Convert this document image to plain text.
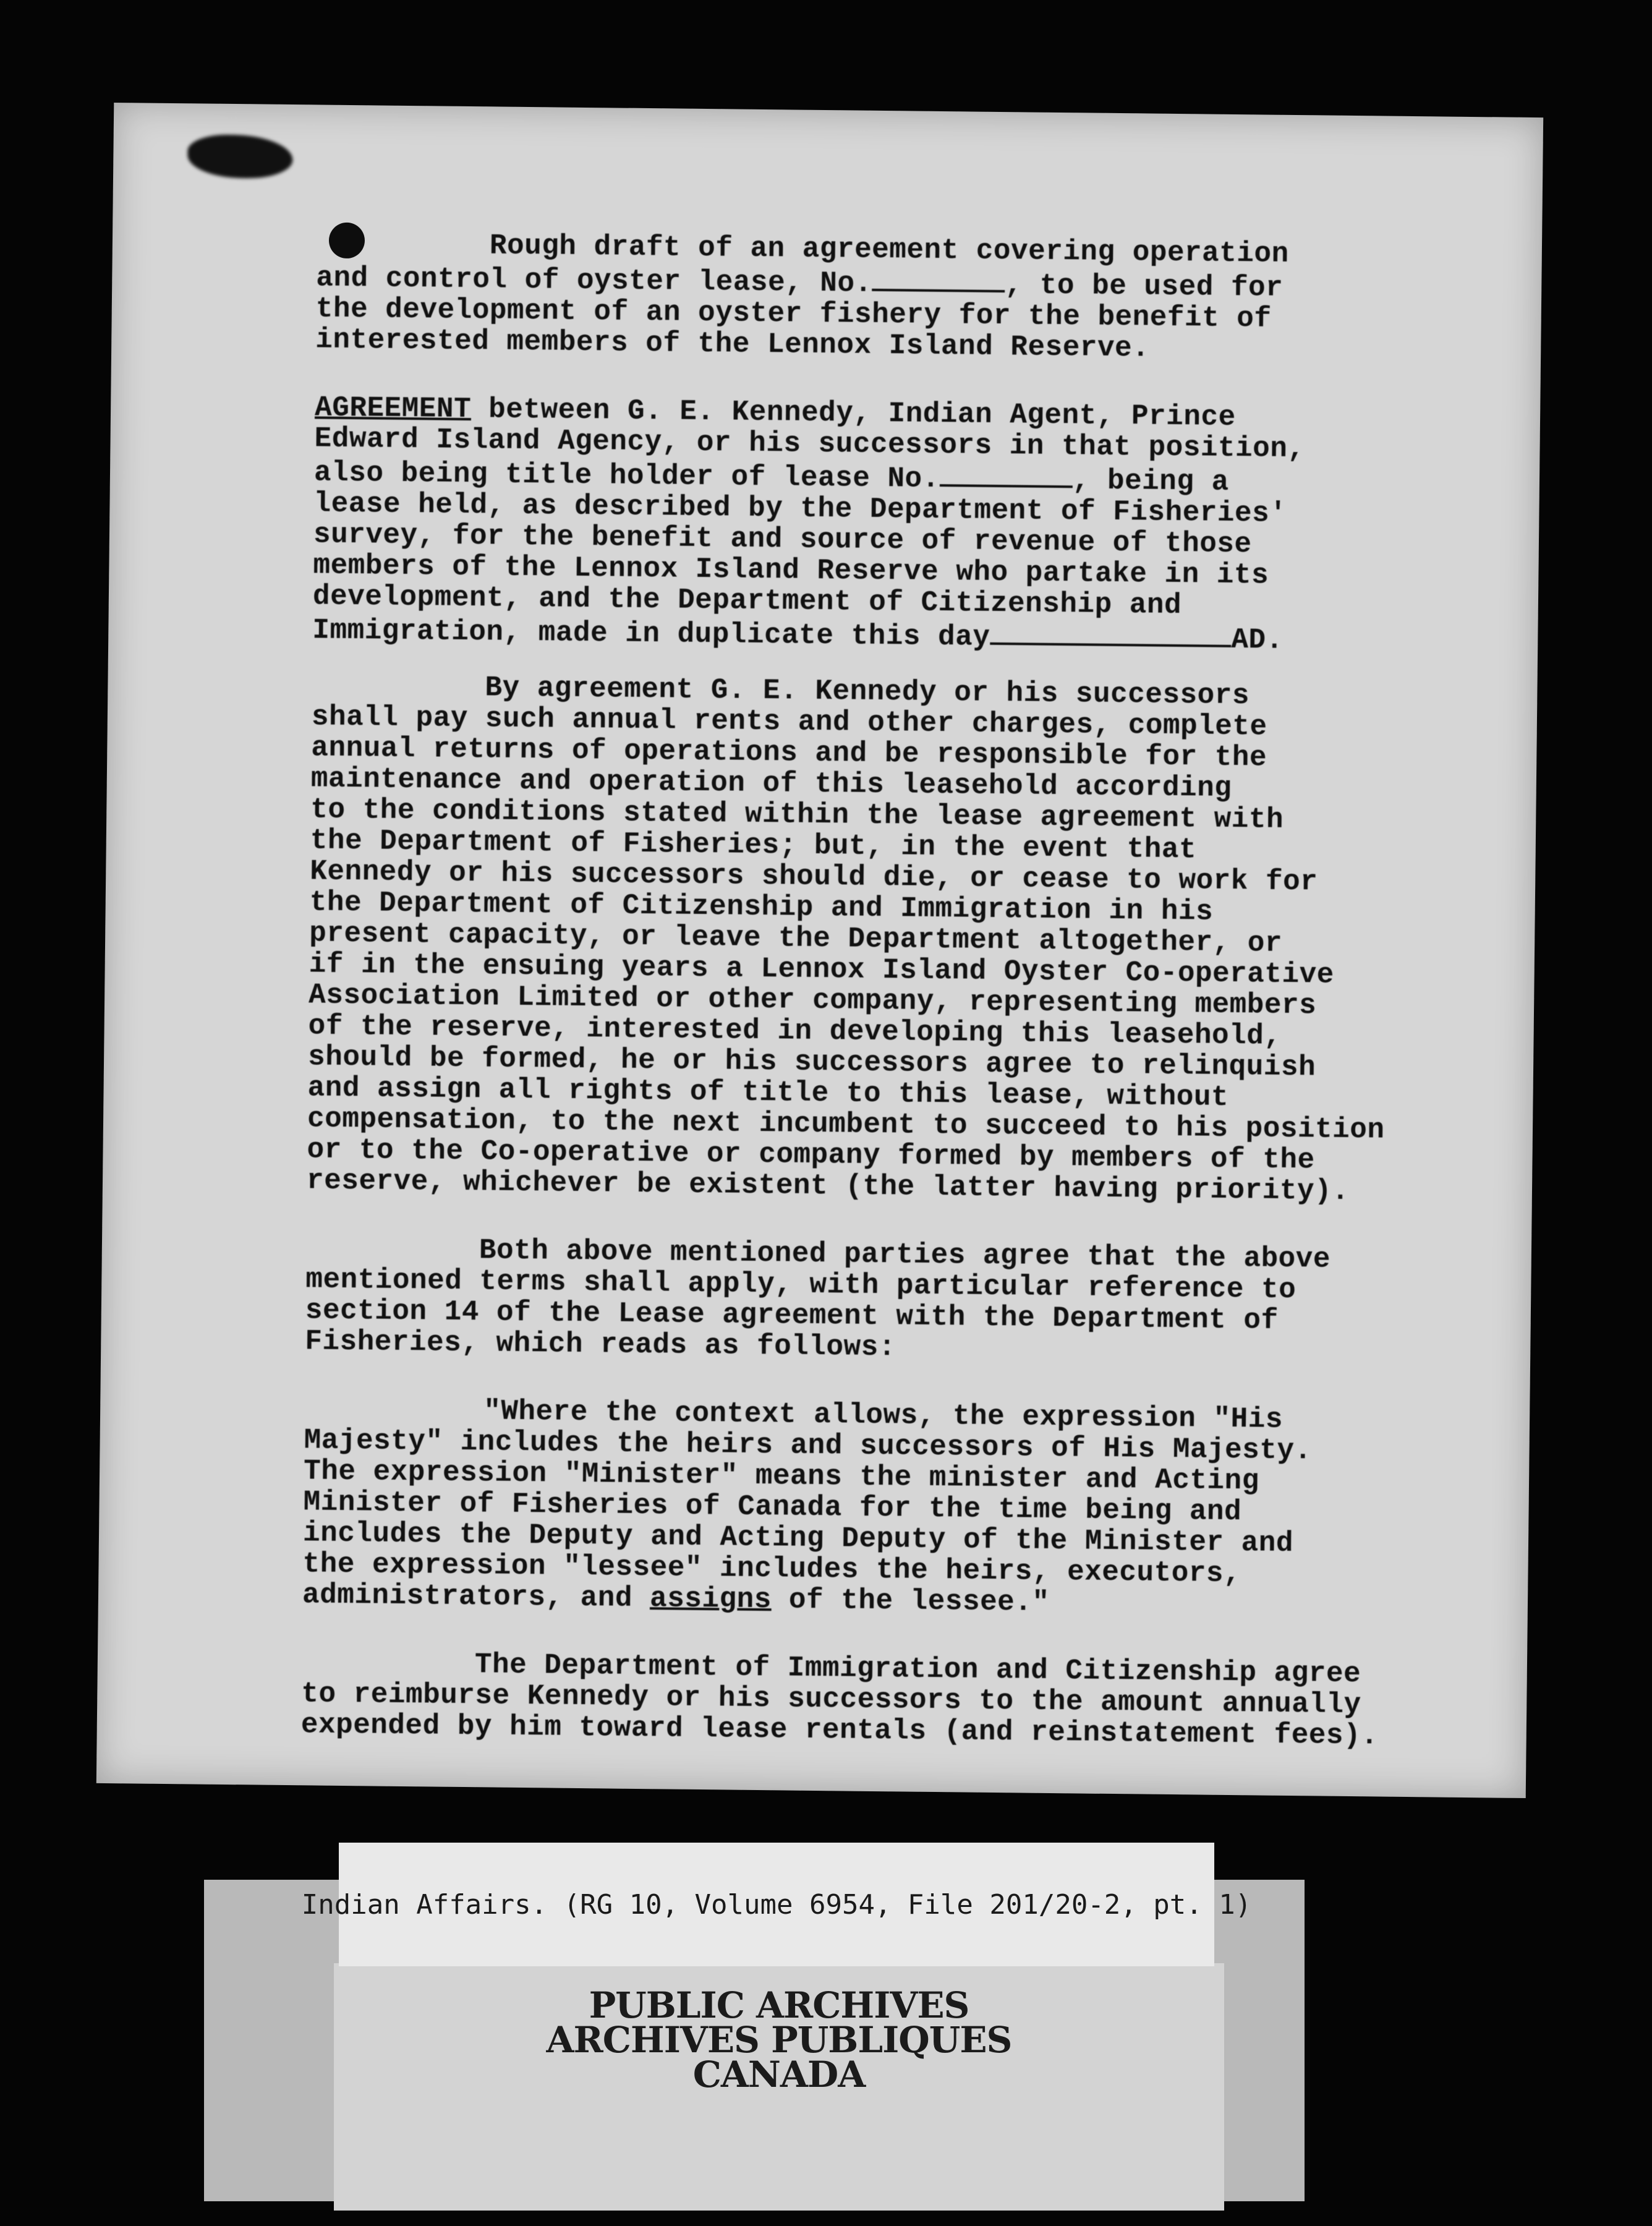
Rough draft of an agreement covering operation
and control of oyster lease, No.	, to be used for
the development of an oyster fishery for the benefit of
interested members of the Lennox Island Reserve.

AGREEMENT between G. E. Kennedy, Indian Agent, Prince
Edward Island Agency, or his successors in that position,
also being title holder of lease No.	, being a
lease held, as described by the Department of Fisheries'
survey, for the benefit and source of revenue of those
members of the Lennox Island Reserve who partake in its
development, and the Department of Citizenship and
Immigration, made in duplicate this day	AD.

By agreement G. E. Kennedy or his successors
shall pay such annual rents and other charges, complete
annual returns of operations and be responsible for the
maintenance and operation of this leasehold according
to the conditions stated within the lease agreement with
the Department of Fisheries; but, in the event that
Kennedy or his successors should die, or cease to work for
the Department of Citizenship and Immigration in his
present capacity, or leave the Department altogether, or
if in the ensuing years a Lennox Island Oyster Co-operative
Association Limited or other company, representing members
of the reserve, interested in developing this leasehold,
should be formed, he or his successors agree to relinquish
and assign all rights of title to this lease, without
compensation, to the next incumbent to succeed to his position
or to the Co-operative or company formed by members of the
reserve, whichever be existent (the latter having priority).

Both above mentioned parties agree that the above
mentioned terms shall apply, with particular reference to
section 14 of the Lease agreement with the Department of
Fisheries, which reads as follows:

"Where the context allows, the expression "His
Majesty" includes the heirs and successors of His Majesty.
The expression "Minister" means the minister and Acting
Minister of Fisheries of Canada for the time being and
includes the Deputy and Acting Deputy of the Minister and
the expression "lessee" includes the heirs, executors,
administrators, and assigns of the lessee."

The Department of Immigration and Citizenship agree
to reimburse Kennedy or his successors to the amount annually
expended by him toward lease rentals (and reinstatement fees).

Indian Affairs. (RG 10, Volume 6954, File 201/20-2, pt. 1)
PUBLIC ARCHIVES
ARCHIVES PUBLIQUES
CANADA
